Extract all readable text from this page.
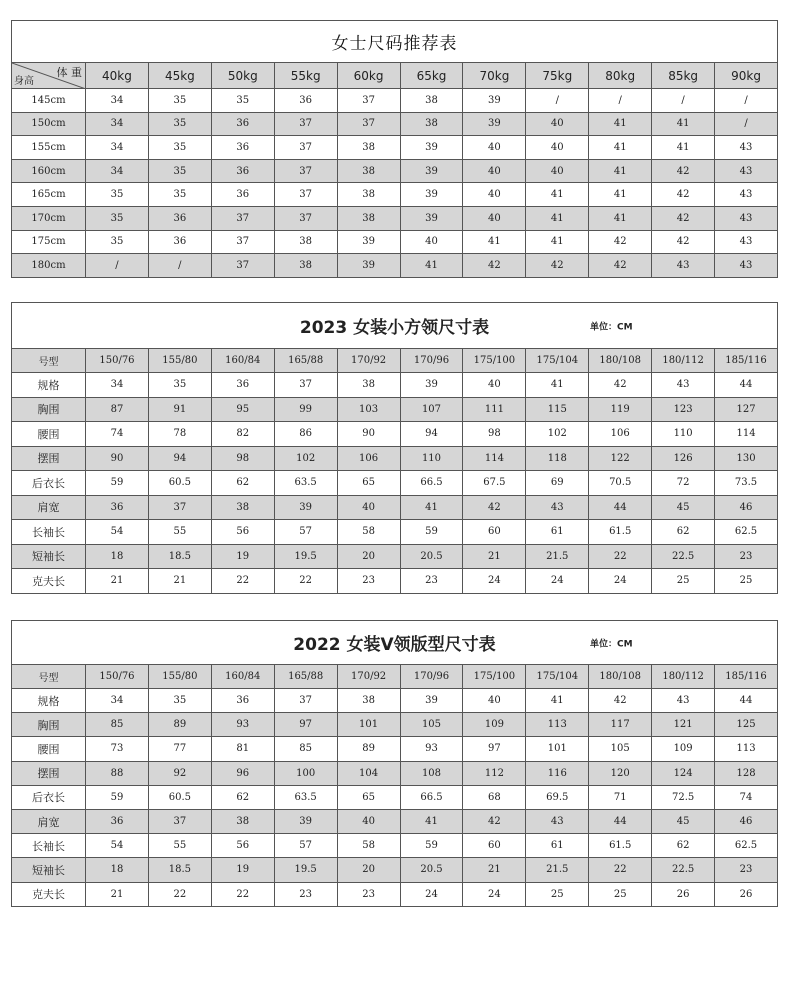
女士尺码推荐表											

体 重
身高	40kg	45kg	50kg	55kg	60kg	65kg	70kg	75kg	80kg	85kg	90kg
145cm	34	35	35	36	37	38	39	/	/	/	/
150cm	34	35	36	37	37	38	39	40	41	41	/
155cm	34	35	36	37	38	39	40	40	41	41	43
160cm	34	35	36	37	38	39	40	40	41	42	43
165cm	35	35	36	37	38	39	40	41	41	42	43
170cm	35	36	37	37	38	39	40	41	41	42	43
175cm	35	36	37	38	39	40	41	41	42	42	43
180cm	/	/	37	38	39	41	42	42	42	43	43
2023 女装小方领尺寸表 单位：CM											

号型	150/76	155/80	160/84	165/88	170/92	170/96	175/100	175/104	180/108	180/112	185/116
规格	34	35	36	37	38	39	40	41	42	43	44
胸围	87	91	95	99	103	107	111	115	119	123	127
腰围	74	78	82	86	90	94	98	102	106	110	114
摆围	90	94	98	102	106	110	114	118	122	126	130
后衣长	59	60.5	62	63.5	65	66.5	67.5	69	70.5	72	73.5
肩宽	36	37	38	39	40	41	42	43	44	45	46
长袖长	54	55	56	57	58	59	60	61	61.5	62	62.5
短袖长	18	18.5	19	19.5	20	20.5	21	21.5	22	22.5	23
克夫长	21	21	22	22	23	23	24	24	24	25	25
2022 女装V领版型尺寸表 单位：CM											

号型	150/76	155/80	160/84	165/88	170/92	170/96	175/100	175/104	180/108	180/112	185/116
规格	34	35	36	37	38	39	40	41	42	43	44
胸围	85	89	93	97	101	105	109	113	117	121	125
腰围	73	77	81	85	89	93	97	101	105	109	113
摆围	88	92	96	100	104	108	112	116	120	124	128
后衣长	59	60.5	62	63.5	65	66.5	68	69.5	71	72.5	74
肩宽	36	37	38	39	40	41	42	43	44	45	46
长袖长	54	55	56	57	58	59	60	61	61.5	62	62.5
短袖长	18	18.5	19	19.5	20	20.5	21	21.5	22	22.5	23
克夫长	21	22	22	23	23	24	24	25	25	26	26
